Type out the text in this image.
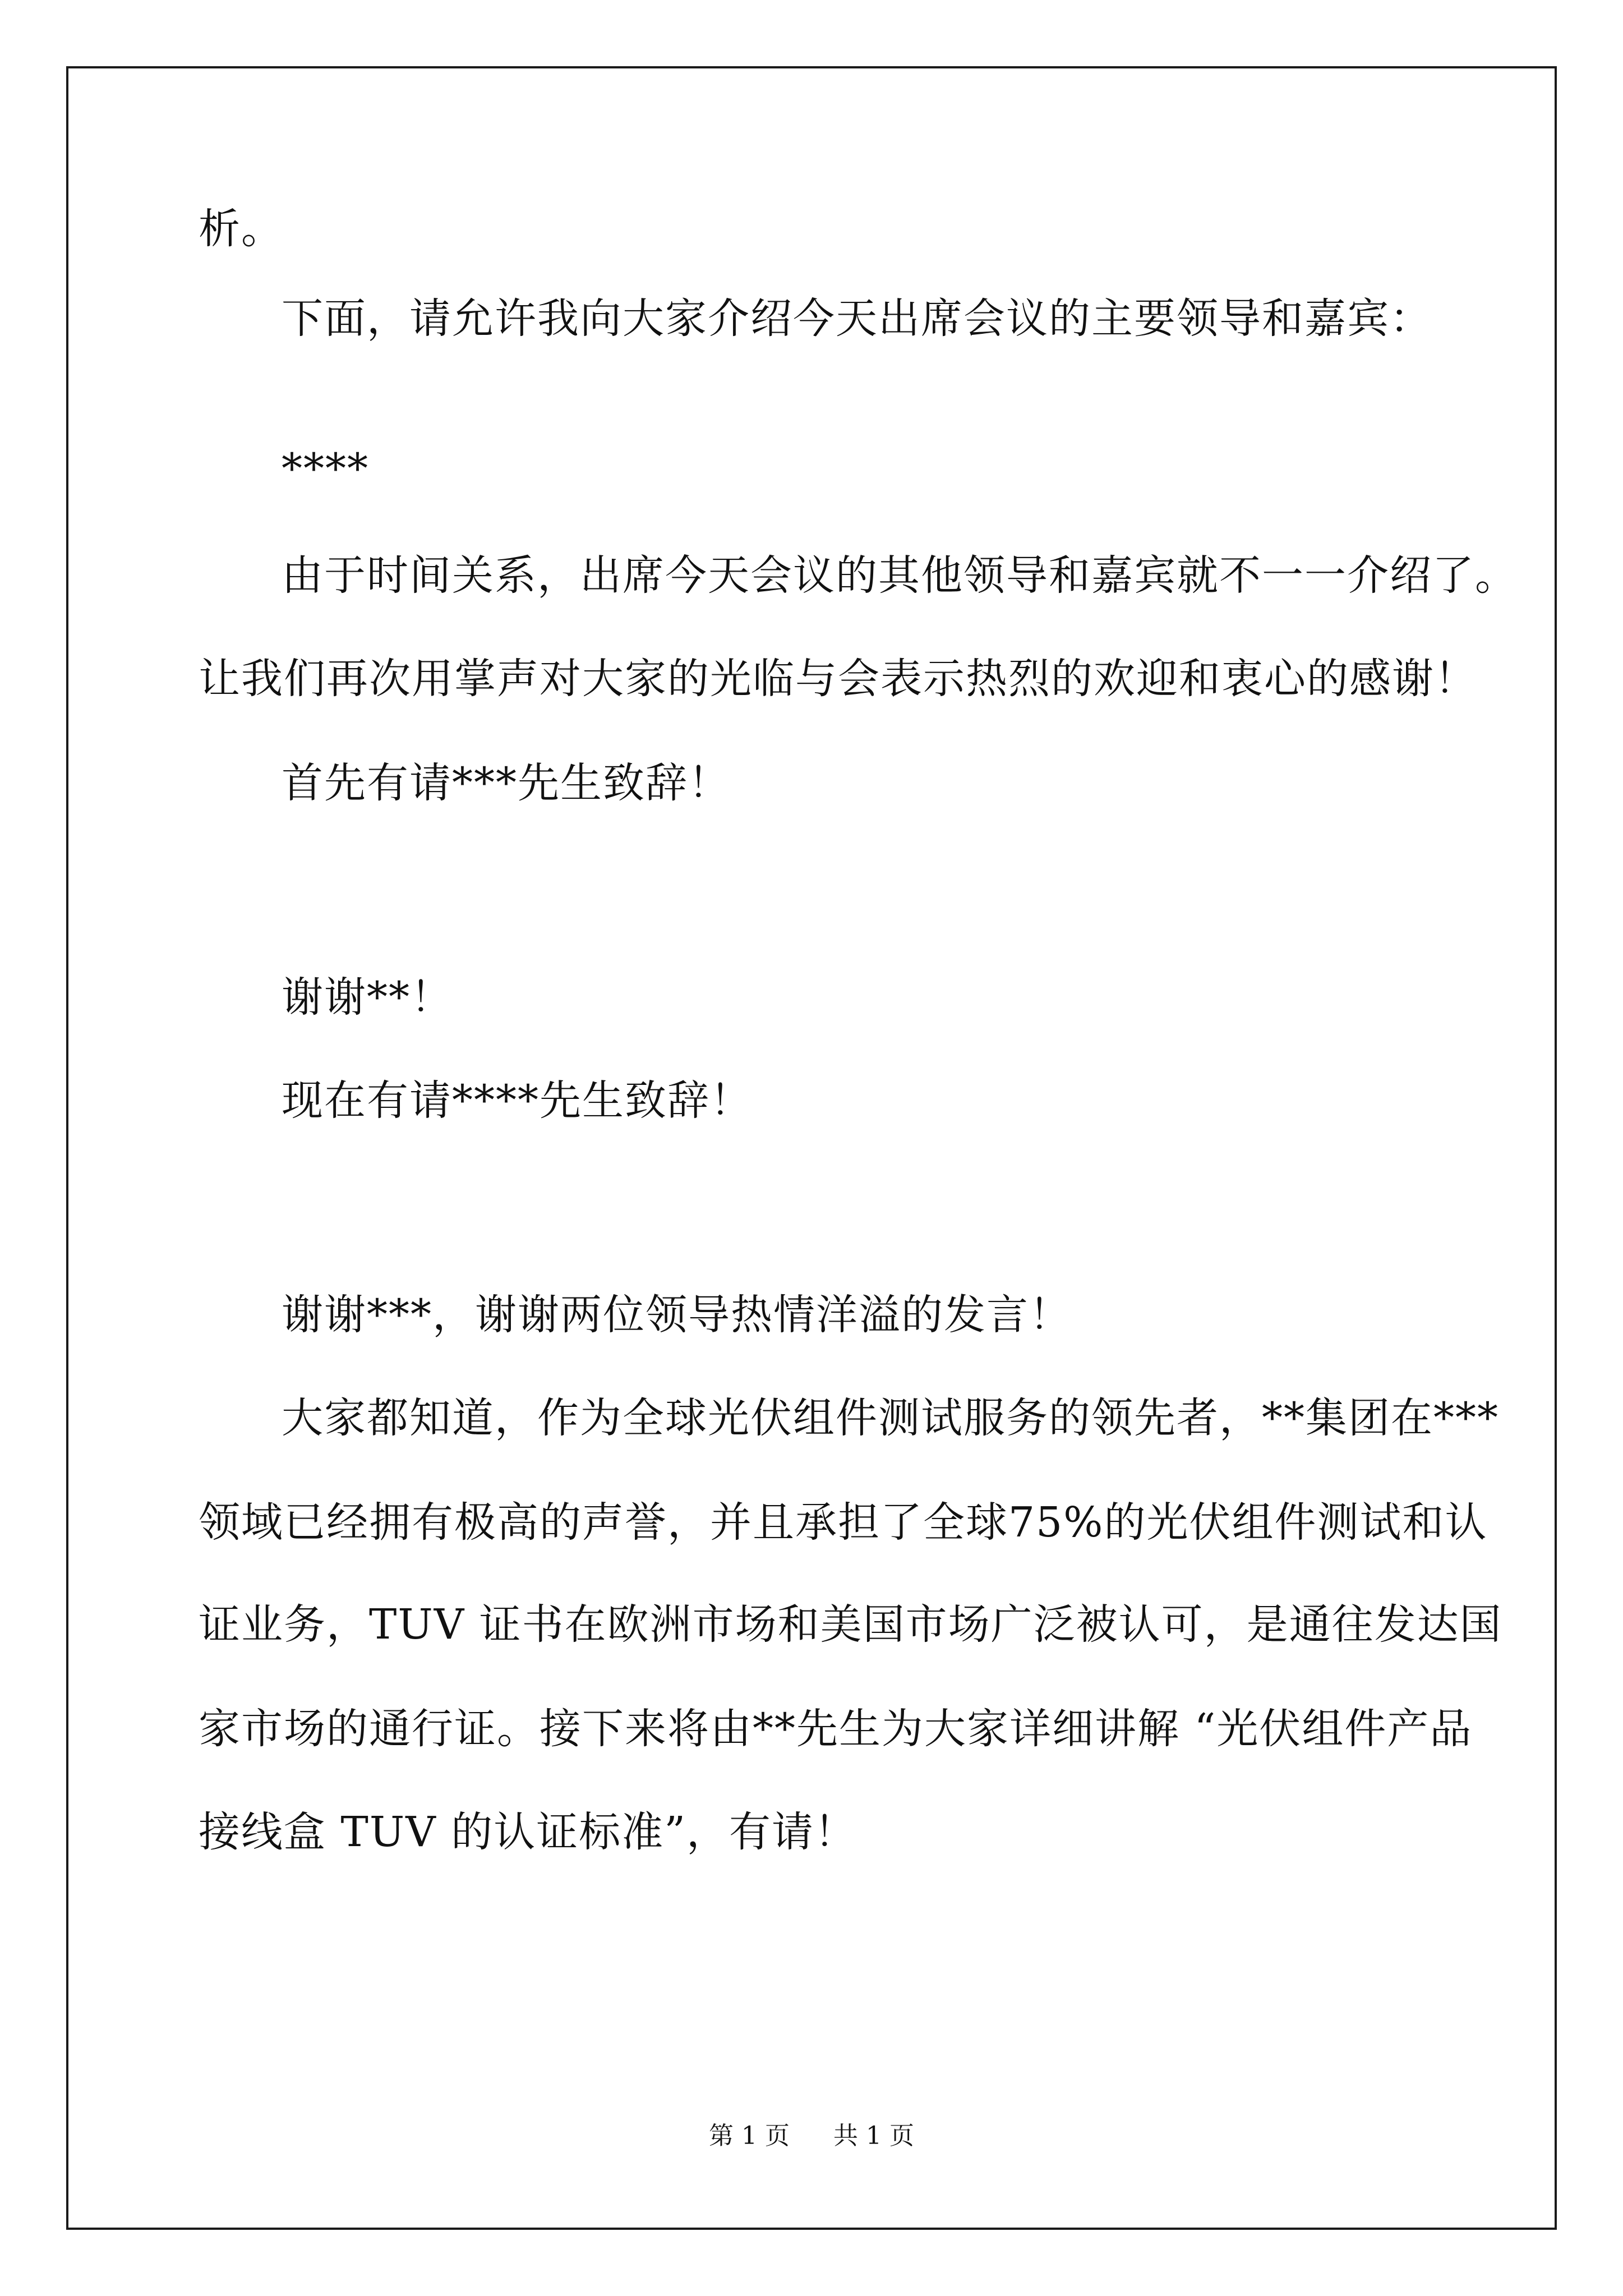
析。
下面，请允许我向大家介绍今天出席会议的主要领导和嘉宾：
****
由于时间关系，出席今天会议的其他领导和嘉宾就不一一介绍了。
让我们再次用掌声对大家的光临与会表示热烈的欢迎和衷心的感谢！
首先有请***先生致辞！
谢谢**！
现在有请****先生致辞！
谢谢***，谢谢两位领导热情洋溢的发言！
大家都知道，作为全球光伏组件测试服务的领先者，**集团在***
领域已经拥有极高的声誉，并且承担了全球75%的光伏组件测试和认
证业务，TUV 证书在欧洲市场和美国市场广泛被认可，是通往发达国
家市场的通行证。接下来将由**先生为大家详细讲解 “光伏组件产品
接线盒 TUV 的认证标准”，有请！
第 1 页 共 1 页
